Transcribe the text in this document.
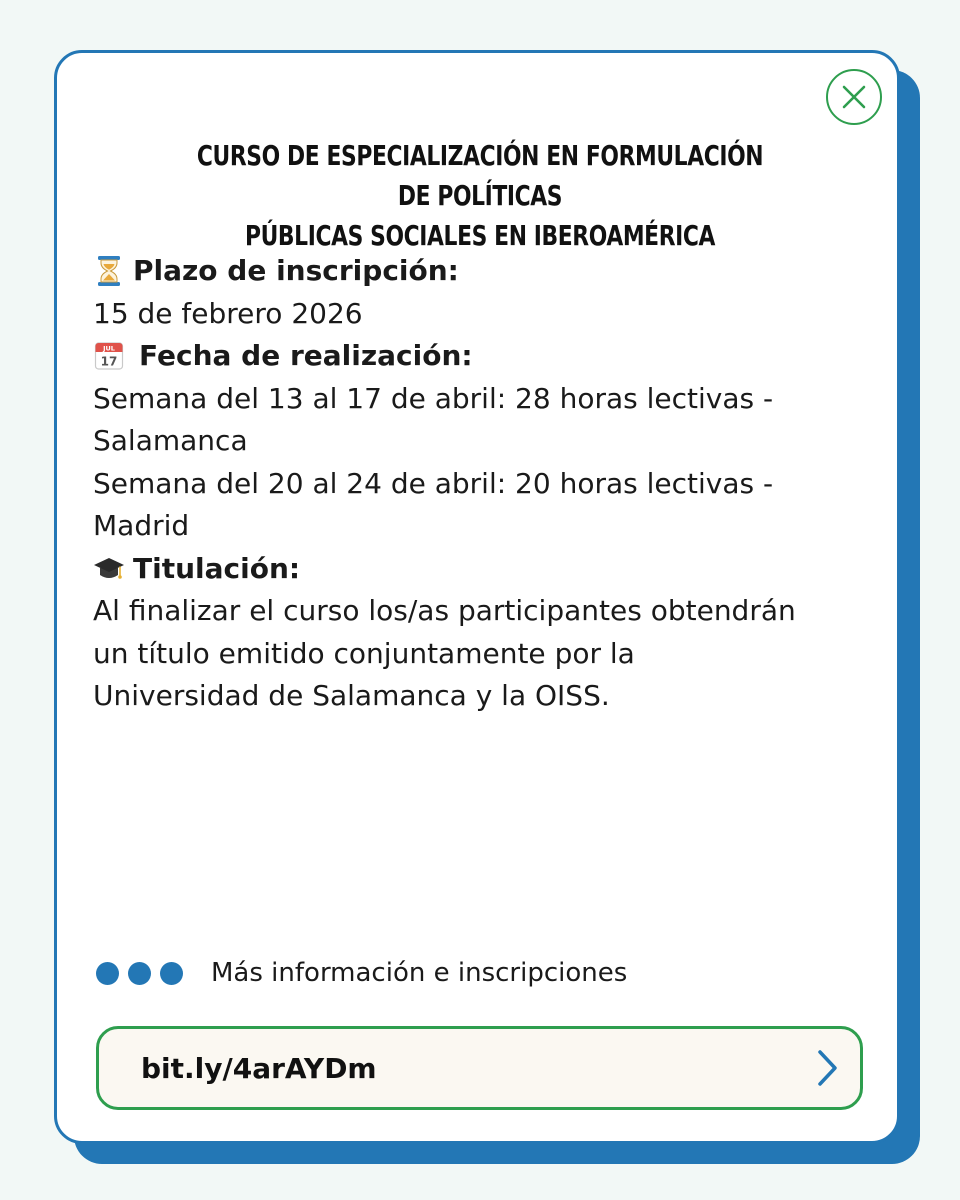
CURSO DE ESPECIALIZACIÓN EN FORMULACIÓN DE POLÍTICAS
PÚBLICAS SOCIALES EN IBEROAMÉRICA
Plazo de inscripción:
15 de febrero 2026
JUL
17 Fecha de realización:
Semana del 13 al 17 de abril: 28 horas lectivas -
Salamanca
Semana del 20 al 24 de abril: 20 horas lectivas -
Madrid
Titulación:
Al finalizar el curso los/as participantes obtendrán
un título emitido conjuntamente por la
Universidad de Salamanca y la OISS.
Más información e inscripciones
bit.ly/4arAYDm
